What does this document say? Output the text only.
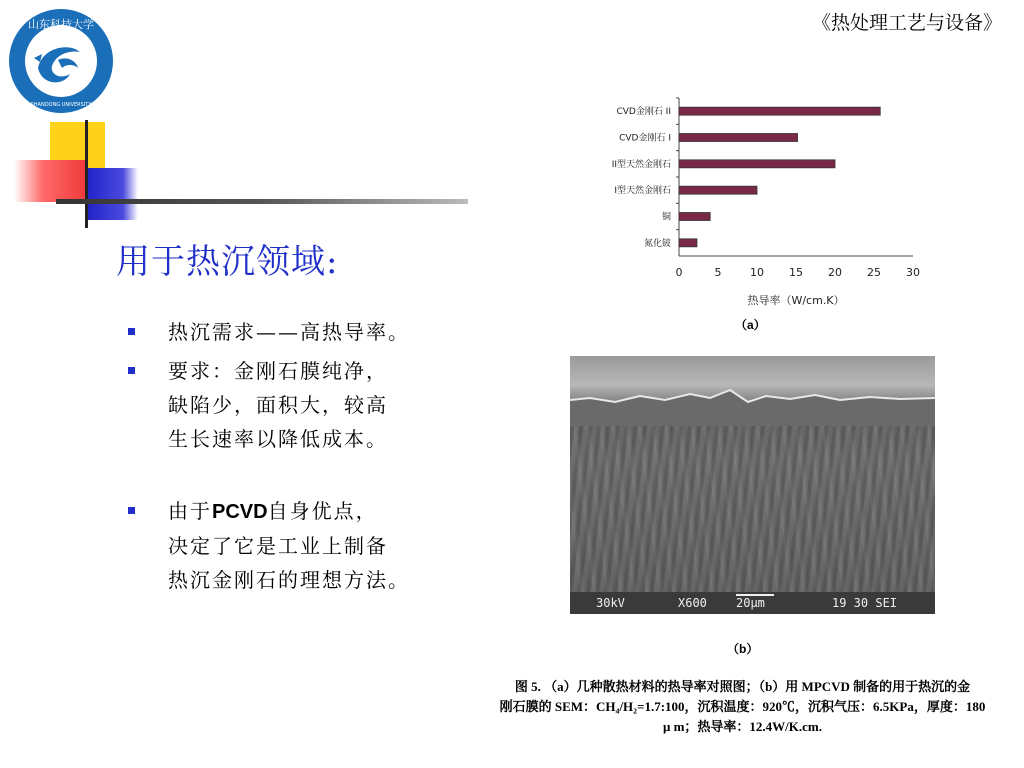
《热处理工艺与设备》
山东科技大学
SHANDONG UNIVERSITY
用于热沉领域:
热沉需求——高热导率。
要求：金刚石膜纯净，
缺陷少，面积大，较高
生长速率以降低成本。
由于PCVD自身优点，
决定了它是工业上制备
热沉金刚石的理想方法。
CVD金刚石 II
CVD金刚石 I
II型天然金刚石
I型天然金刚石
铜
氮化铍
0	5	10 15 20 25 30
热导率（W/cm.K）
（a）
30kV	X600 20μm	19 30 SEI
（b）
图 5. （a）几种散热材料的热导率对照图；（b）用 MPCVD 制备的用于热沉的金
刚石膜的 SEM：CH₄/H₂=1.7:100，沉积温度：920℃，沉积气压：6.5KPa，厚度：180
μ m；热导率：12.4W/K.cm.
